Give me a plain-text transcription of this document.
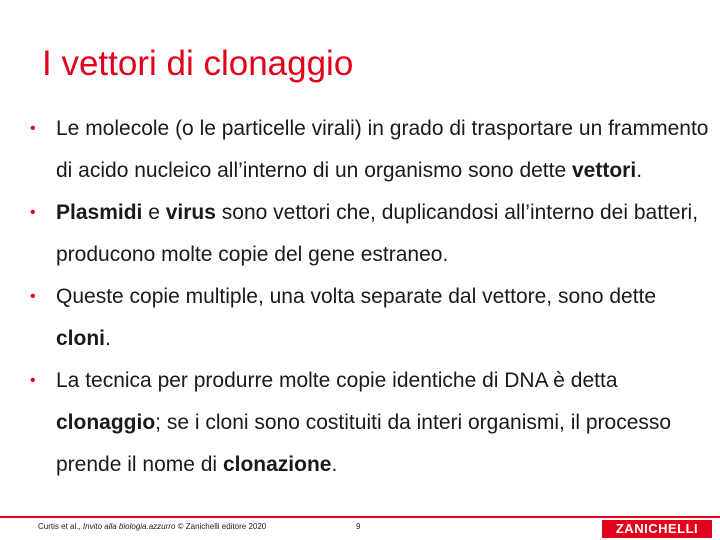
I vettori di clonaggio
• Le molecole (o le particelle virali) in grado di trasportare un frammento di acido nucleico all’interno di un organismo sono dette vettori.
• Plasmidi e virus sono vettori che, duplicandosi all’interno dei batteri, producono molte copie del gene estraneo.
• Queste copie multiple, una volta separate dal vettore, sono dette cloni.
• La tecnica per produrre molte copie identiche di DNA è detta clonaggio; se i cloni sono costituiti da interi organismi, il processo prende il nome di clonazione.
Curtis et al., Invito alla biologia.azzurro © Zanichelli editore 2020	9	ZANICHELLI
